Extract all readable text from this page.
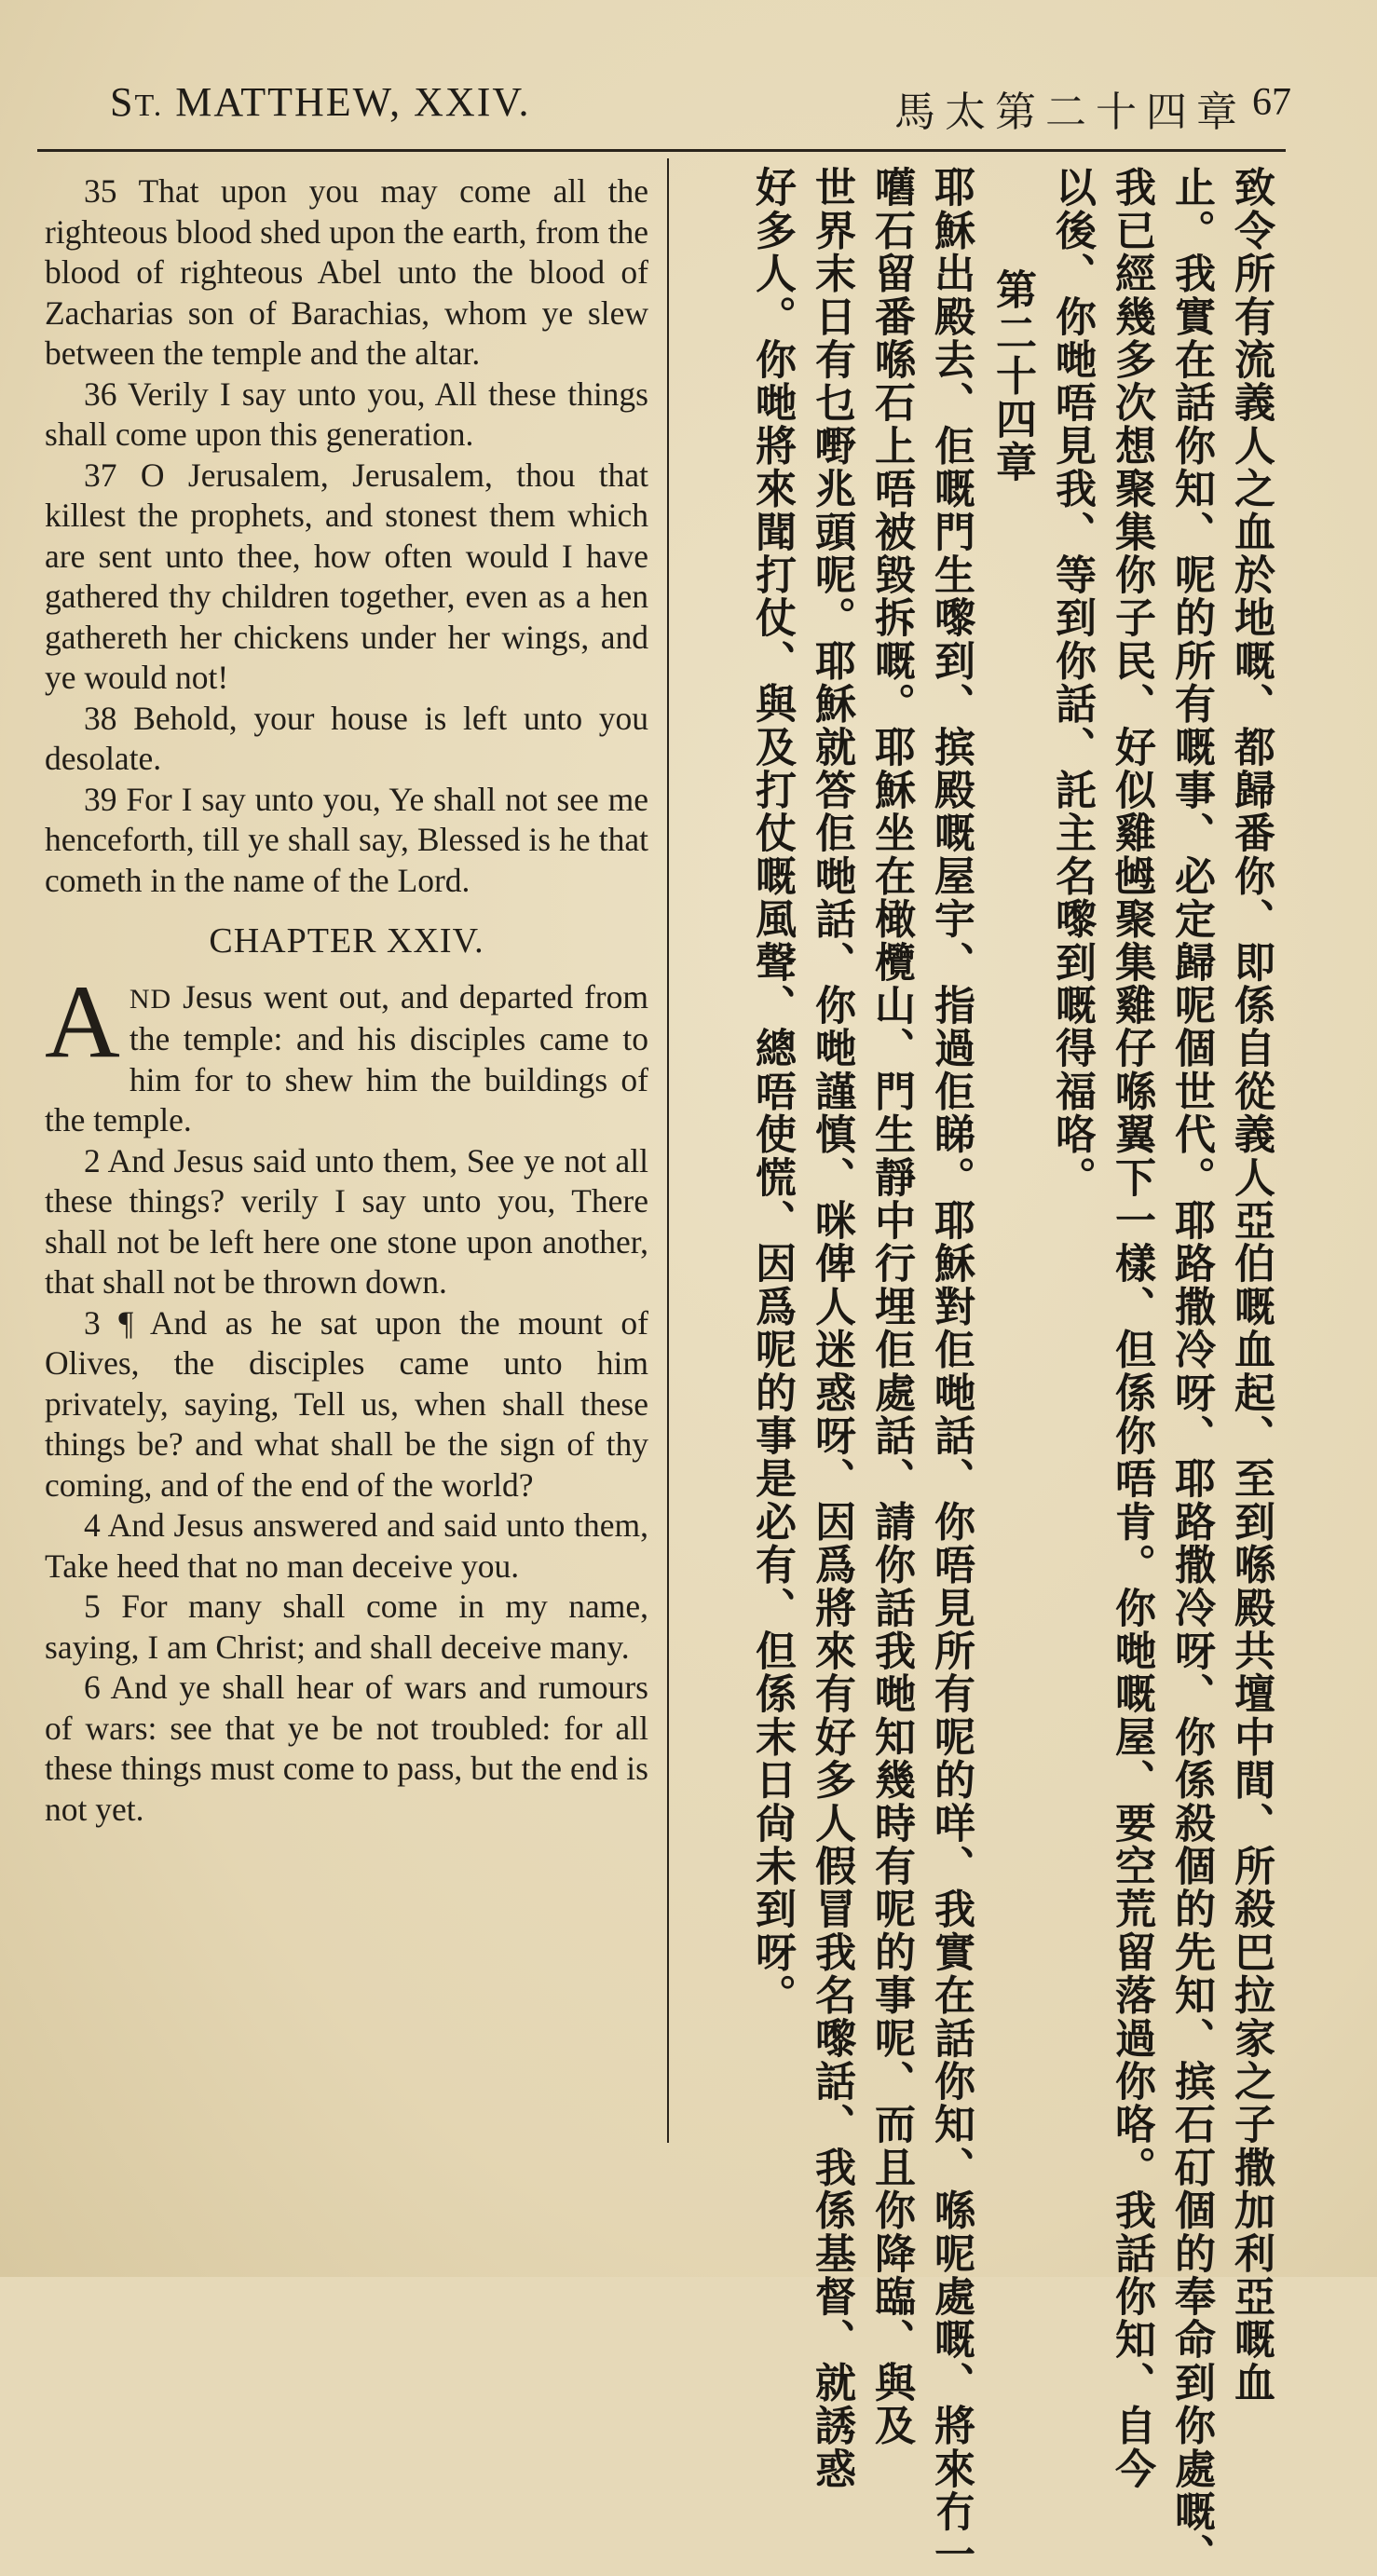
ST. MATTHEW, XXIV.	馬太第二十四章 67

35 That upon you may come all the righteous blood shed upon the earth, from the blood of righteous Abel unto the blood of Zacharias son of Barachias, whom ye slew between the temple and the altar.

36 Verily I say unto you, All these things shall come upon this generation.

37 O Jerusalem, Jerusalem, thou that killest the prophets, and stonest them which are sent unto thee, how often would I have gathered thy children together, even as a hen gathereth her chickens under her wings, and ye would not!

38 Behold, your house is left unto you desolate.

39 For I say unto you, Ye shall not see me henceforth, till ye shall say, Blessed is he that cometh in the name of the Lord.

CHAPTER XXIV.

AND Jesus went out, and departed from the temple: and his disciples came to him for to shew him the buildings of the temple.

2 And Jesus said unto them, See ye not all these things? verily I say unto you, There shall not be left here one stone upon another, that shall not be thrown down.

3 ¶ And as he sat upon the mount of Olives, the disciples came unto him privately, saying, Tell us, when shall these things be? and what shall be the sign of thy coming, and of the end of the world?

4 And Jesus answered and said unto them, Take heed that no man deceive you.

5 For many shall come in my name, saying, I am Christ; and shall deceive many.

6 And ye shall hear of wars and rumours of wars: see that ye be not troubled: for all these things must come to pass, but the end is not yet.	致令所有流義人之血於地嘅、都歸番你、即係自從義人亞伯嘅血起、至到喺殿共壇中間、所殺巴拉家之子撒加利亞嘅血
止。我實在話你知、呢的所有嘅事、必定歸呢個世代。耶路撒冷呀、耶路撒冷呀、你係殺個的先知、摈石矴個的奉命到你處嘅、
我已經幾多次想聚集你子民、好似雞乸聚集雞仔喺翼下一樣、但係你唔肯。你哋嘅屋、要空荒留落過你咯。我話你知、自今
以後、你哋唔見我、等到你話、託主名嚟到嘅得福咯。
第二十四章
耶穌出殿去、佢嘅門生嚟到、摈殿嘅屋宇、指過佢睇。耶穌對佢哋話、你唔見所有呢的咩、我實在話你知、喺呢處嘅、將來冇一
嚿石留番喺石上唔被毀拆嘅。耶穌坐在橄欖山、門生靜中行埋佢處話、請你話我哋知幾時有呢的事呢、而且你降臨、與及
世界末日有乜嘢兆頭呢。耶穌就答佢哋話、你哋謹慎、咪俾人迷惑呀、因爲將來有好多人假冒我名嚟話、我係基督、就誘惑
好多人。你哋將來聞打仗、與及打仗嘅風聲、總唔使慌、因爲呢的事是必有、但係末日尙未到呀。
